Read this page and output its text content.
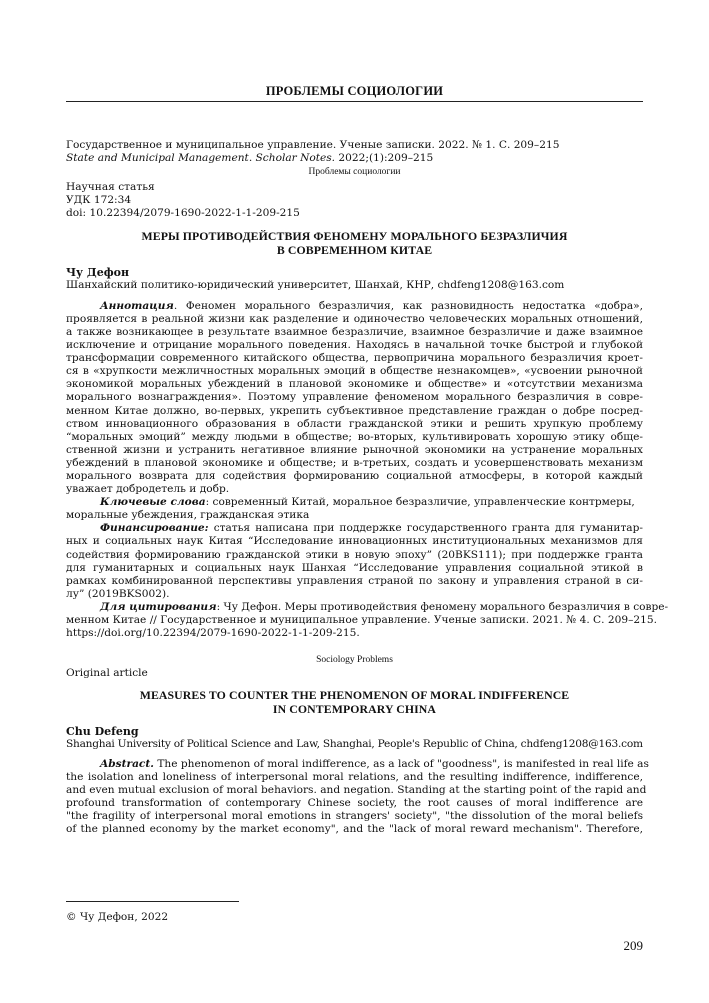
ПРОБЛЕМЫ СОЦИОЛОГИИ
Государственное и муниципальное управление. Ученые записки. 2022. № 1. С. 209–215
State and Municipal Management. Scholar Notes. 2022;(1):209–215
Проблемы социологии
Научная статья
УДК 172:34
doi: 10.22394/2079-1690-2022-1-1-209-215
МЕРЫ ПРОТИВОДЕЙСТВИЯ ФЕНОМЕНУ МОРАЛЬНОГО БЕЗРАЗЛИЧИЯ
В СОВРЕМЕННОМ КИТАЕ
Чу Дефон
Шанхайский политико-юридический университет, Шанхай, КНР, chdfeng1208@163.com
Аннотация. Феномен морального безразличия, как разновидность недостатка «добра»,
проявляется в реальной жизни как разделение и одиночество человеческих моральных отношений,
а также возникающее в результате взаимное безразличие, взаимное безразличие и даже взаимное
исключение и отрицание морального поведения. Находясь в начальной точке быстрой и глубокой
трансформации современного китайского общества, первопричина морального безразличия кроет-
ся в «хрупкости межличностных моральных эмоций в обществе незнакомцев», «усвоении рыночной
экономикой моральных убеждений в плановой экономике и обществе» и «отсутствии механизма
морального вознаграждения». Поэтому управление феноменом морального безразличия в совре-
менном Китае должно, во-первых, укрепить субъективное представление граждан о добре посред-
ством инновационного образования в области гражданской этики и решить хрупкую проблему
“моральных эмоций” между людьми в обществе; во-вторых, культивировать хорошую этику обще-
ственной жизни и устранить негативное влияние рыночной экономики на устранение моральных
убеждений в плановой экономике и обществе; и в-третьих, создать и усовершенствовать механизм
морального возврата для содействия формированию социальной атмосферы, в которой каждый
уважает добродетель и добр.
Ключевые слова: современный Китай, моральное безразличие, управленческие контрмеры,
моральные убеждения, гражданская этика
Финансирование: статья написана при поддержке государственного гранта для гуманитар-
ных и социальных наук Китая “Исследование инновационных институциональных механизмов для
содействия формированию гражданской этики в новую эпоху” (20BKS111); при поддержке гранта
для гуманитарных и социальных наук Шанхая “Исследование управления социальной этикой в
рамках комбинированной перспективы управления страной по закону и управления страной в си-
лу” (2019BKS002).
Для цитирования: Чу Дефон. Меры противодействия феномену морального безразличия в совре-
менном Китае // Государственное и муниципальное управление. Ученые записки. 2021. № 4. С. 209–215.
https://doi.org/10.22394/2079-1690-2022-1-1-209-215.
Sociology Problems
Original article
MEASURES TO COUNTER THE PHENOMENON OF MORAL INDIFFERENCE
IN CONTEMPORARY CHINA
Chu Defeng
Shanghai University of Political Science and Law, Shanghai, People's Republic of China, chdfeng1208@163.com
Abstract. The phenomenon of moral indifference, as a lack of "goodness", is manifested in real life as
the isolation and loneliness of interpersonal moral relations, and the resulting indifference, indifference,
and even mutual exclusion of moral behaviors. and negation. Standing at the starting point of the rapid and
profound transformation of contemporary Chinese society, the root causes of moral indifference are
"the fragility of interpersonal moral emotions in strangers' society", "the dissolution of the moral beliefs
of the planned economy by the market economy", and the "lack of moral reward mechanism". Therefore,
© Чу Дефон, 2022
209
